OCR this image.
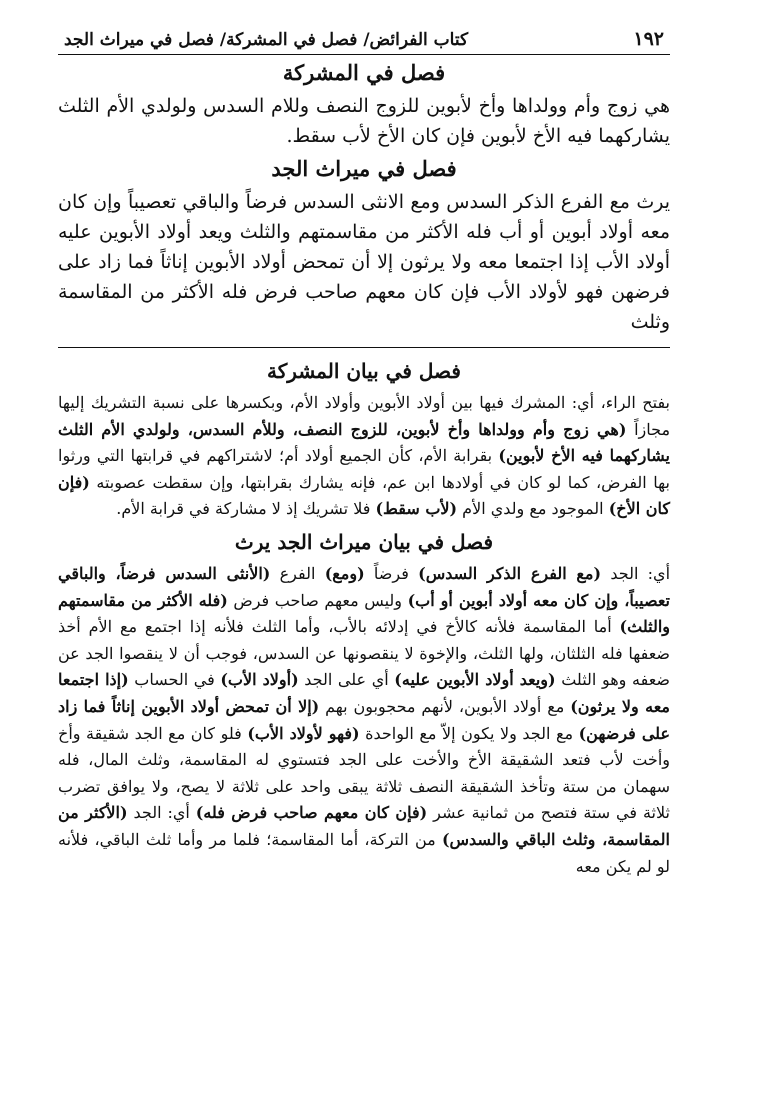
١٩٢
كتاب الفرائض/ فصل في المشركة/ فصل في ميراث الجد
فصل في المشركة

هي زوج وأم وولداها وأخ لأبوين للزوج النصف وللام السدس ولولدي الأم الثلث يشاركهما فيه الأخ لأبوين فإن كان الأخ لأب سقط.

فصل في ميراث الجد

يرث مع الفرع الذكر السدس ومع الانثى السدس فرضاً والباقي تعصيباً وإن كان معه أولاد أبوين أو أب فله الأكثر من مقاسمتهم والثلث ويعد أولاد الأبوين عليه أولاد الأب إذا اجتمعا معه ولا يرثون إلا أن تمحض أولاد الأبوين إناثاً فما زاد على فرضهن فهو لأولاد الأب فإن كان معهم صاحب فرض فله الأكثر من المقاسمة وثلث

فصل في بيان المشركة

بفتح الراء، أي: المشرك فيها بين أولاد الأبوين وأولاد الأم، وبكسرها على نسبة التشريك إليها مجازاً (هي زوج وأم وولداها وأخ لأبوين، للزوج النصف، وللأم السدس، ولولدي الأم الثلث يشاركهما فيه الأخ لأبوين) بقرابة الأم، كأن الجميع أولاد أم؛ لاشتراكهم في قرابتها التي ورثوا بها الفرض، كما لو كان في أولادها ابن عم، فإنه يشارك بقرابتها، وإن سقطت عصوبته (فإن كان الأخ) الموجود مع ولدي الأم (لأب سقط) فلا تشريك إذ لا مشاركة في قرابة الأم.

فصل في بيان ميراث الجد يرث

أي: الجد (مع الفرع الذكر السدس) فرضاً (ومع) الفرع (الأنثى السدس فرضاً، والباقي تعصيباً، وإن كان معه أولاد أبوين أو أب) وليس معهم صاحب فرض (فله الأكثر من مقاسمتهم والثلث) أما المقاسمة فلأنه كالأخ في إدلائه بالأب، وأما الثلث فلأنه إذا اجتمع مع الأم أخذ ضعفها فله الثلثان، ولها الثلث، والإخوة لا ينقصونها عن السدس، فوجب أن لا ينقصوا الجد عن ضعفه وهو الثلث (ويعد أولاد الأبوين عليه) أي على الجد (أولاد الأب) في الحساب (إذا اجتمعا معه ولا يرثون) مع أولاد الأبوين، لأنهم محجوبون بهم (إلا أن تمحض أولاد الأبوين إناثاً فما زاد على فرضهن) مع الجد ولا يكون إلاّ مع الواحدة (فهو لأولاد الأب) فلو كان مع الجد شقيقة وأخ وأخت لأب فتعد الشقيقة الأخ والأخت على الجد فتستوي له المقاسمة، وثلث المال، فله سهمان من ستة وتأخذ الشقيقة النصف ثلاثة يبقى واحد على ثلاثة لا يصح، ولا يوافق تضرب ثلاثة في ستة فتصح من ثمانية عشر (فإن كان معهم صاحب فرض فله) أي: الجد (الأكثر من المقاسمة، وثلث الباقي والسدس) من التركة، أما المقاسمة؛ فلما مر وأما ثلث الباقي، فلأنه لو لم يكن معه
